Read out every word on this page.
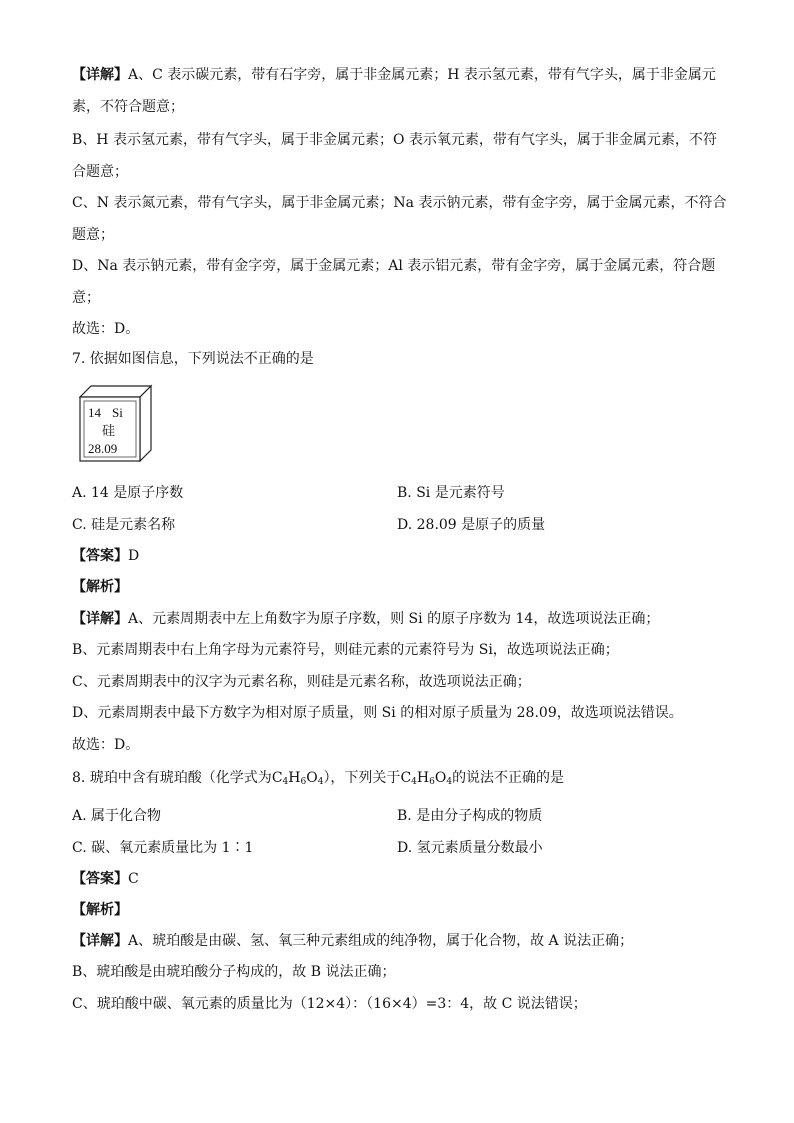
【详解】A、C 表示碳元素，带有石字旁，属于非金属元素；H 表示氢元素，带有气字头，属于非金属元
素，不符合题意；
B、H 表示氢元素，带有气字头，属于非金属元素；O 表示氧元素，带有气字头，属于非金属元素，不符
合题意；
C、N 表示氮元素，带有气字头，属于非金属元素；Na 表示钠元素，带有金字旁，属于金属元素，不符合
题意；
D、Na 表示钠元素，带有金字旁，属于金属元素；Al 表示铝元素，带有金字旁，属于金属元素，符合题
意；
故选：D。
7. 依据如图信息，下列说法不正确的是
14 Si
硅
28.09
A. 14 是原子序数	B. Si 是元素符号
C. 硅是元素名称	D. 28.09 是原子的质量
【答案】D
【解析】
【详解】A、元素周期表中左上角数字为原子序数，则 Si 的原子序数为 14，故选项说法正确；
B、元素周期表中右上角字母为元素符号，则硅元素的元素符号为 Si，故选项说法正确；
C、元素周期表中的汉字为元素名称，则硅是元素名称，故选项说法正确；
D、元素周期表中最下方数字为相对原子质量，则 Si 的相对原子质量为 28.09，故选项说法错误。
故选：D。
8. 琥珀中含有琥珀酸（化学式为$C_4H_6O_4$），下列关于$C_4H_6O_4$的说法不正确的是
A. 属于化合物	B. 是由分子构成的物质
C. 碳、氧元素质量比为 1∶1	D. 氢元素质量分数最小
【答案】C
【解析】
【详解】A、琥珀酸是由碳、氢、氧三种元素组成的纯净物，属于化合物，故 A 说法正确；
B、琥珀酸是由琥珀酸分子构成的，故 B 说法正确；
C、琥珀酸中碳、氧元素的质量比为（12×4）：（16×4）=3：4，故 C 说法错误；
